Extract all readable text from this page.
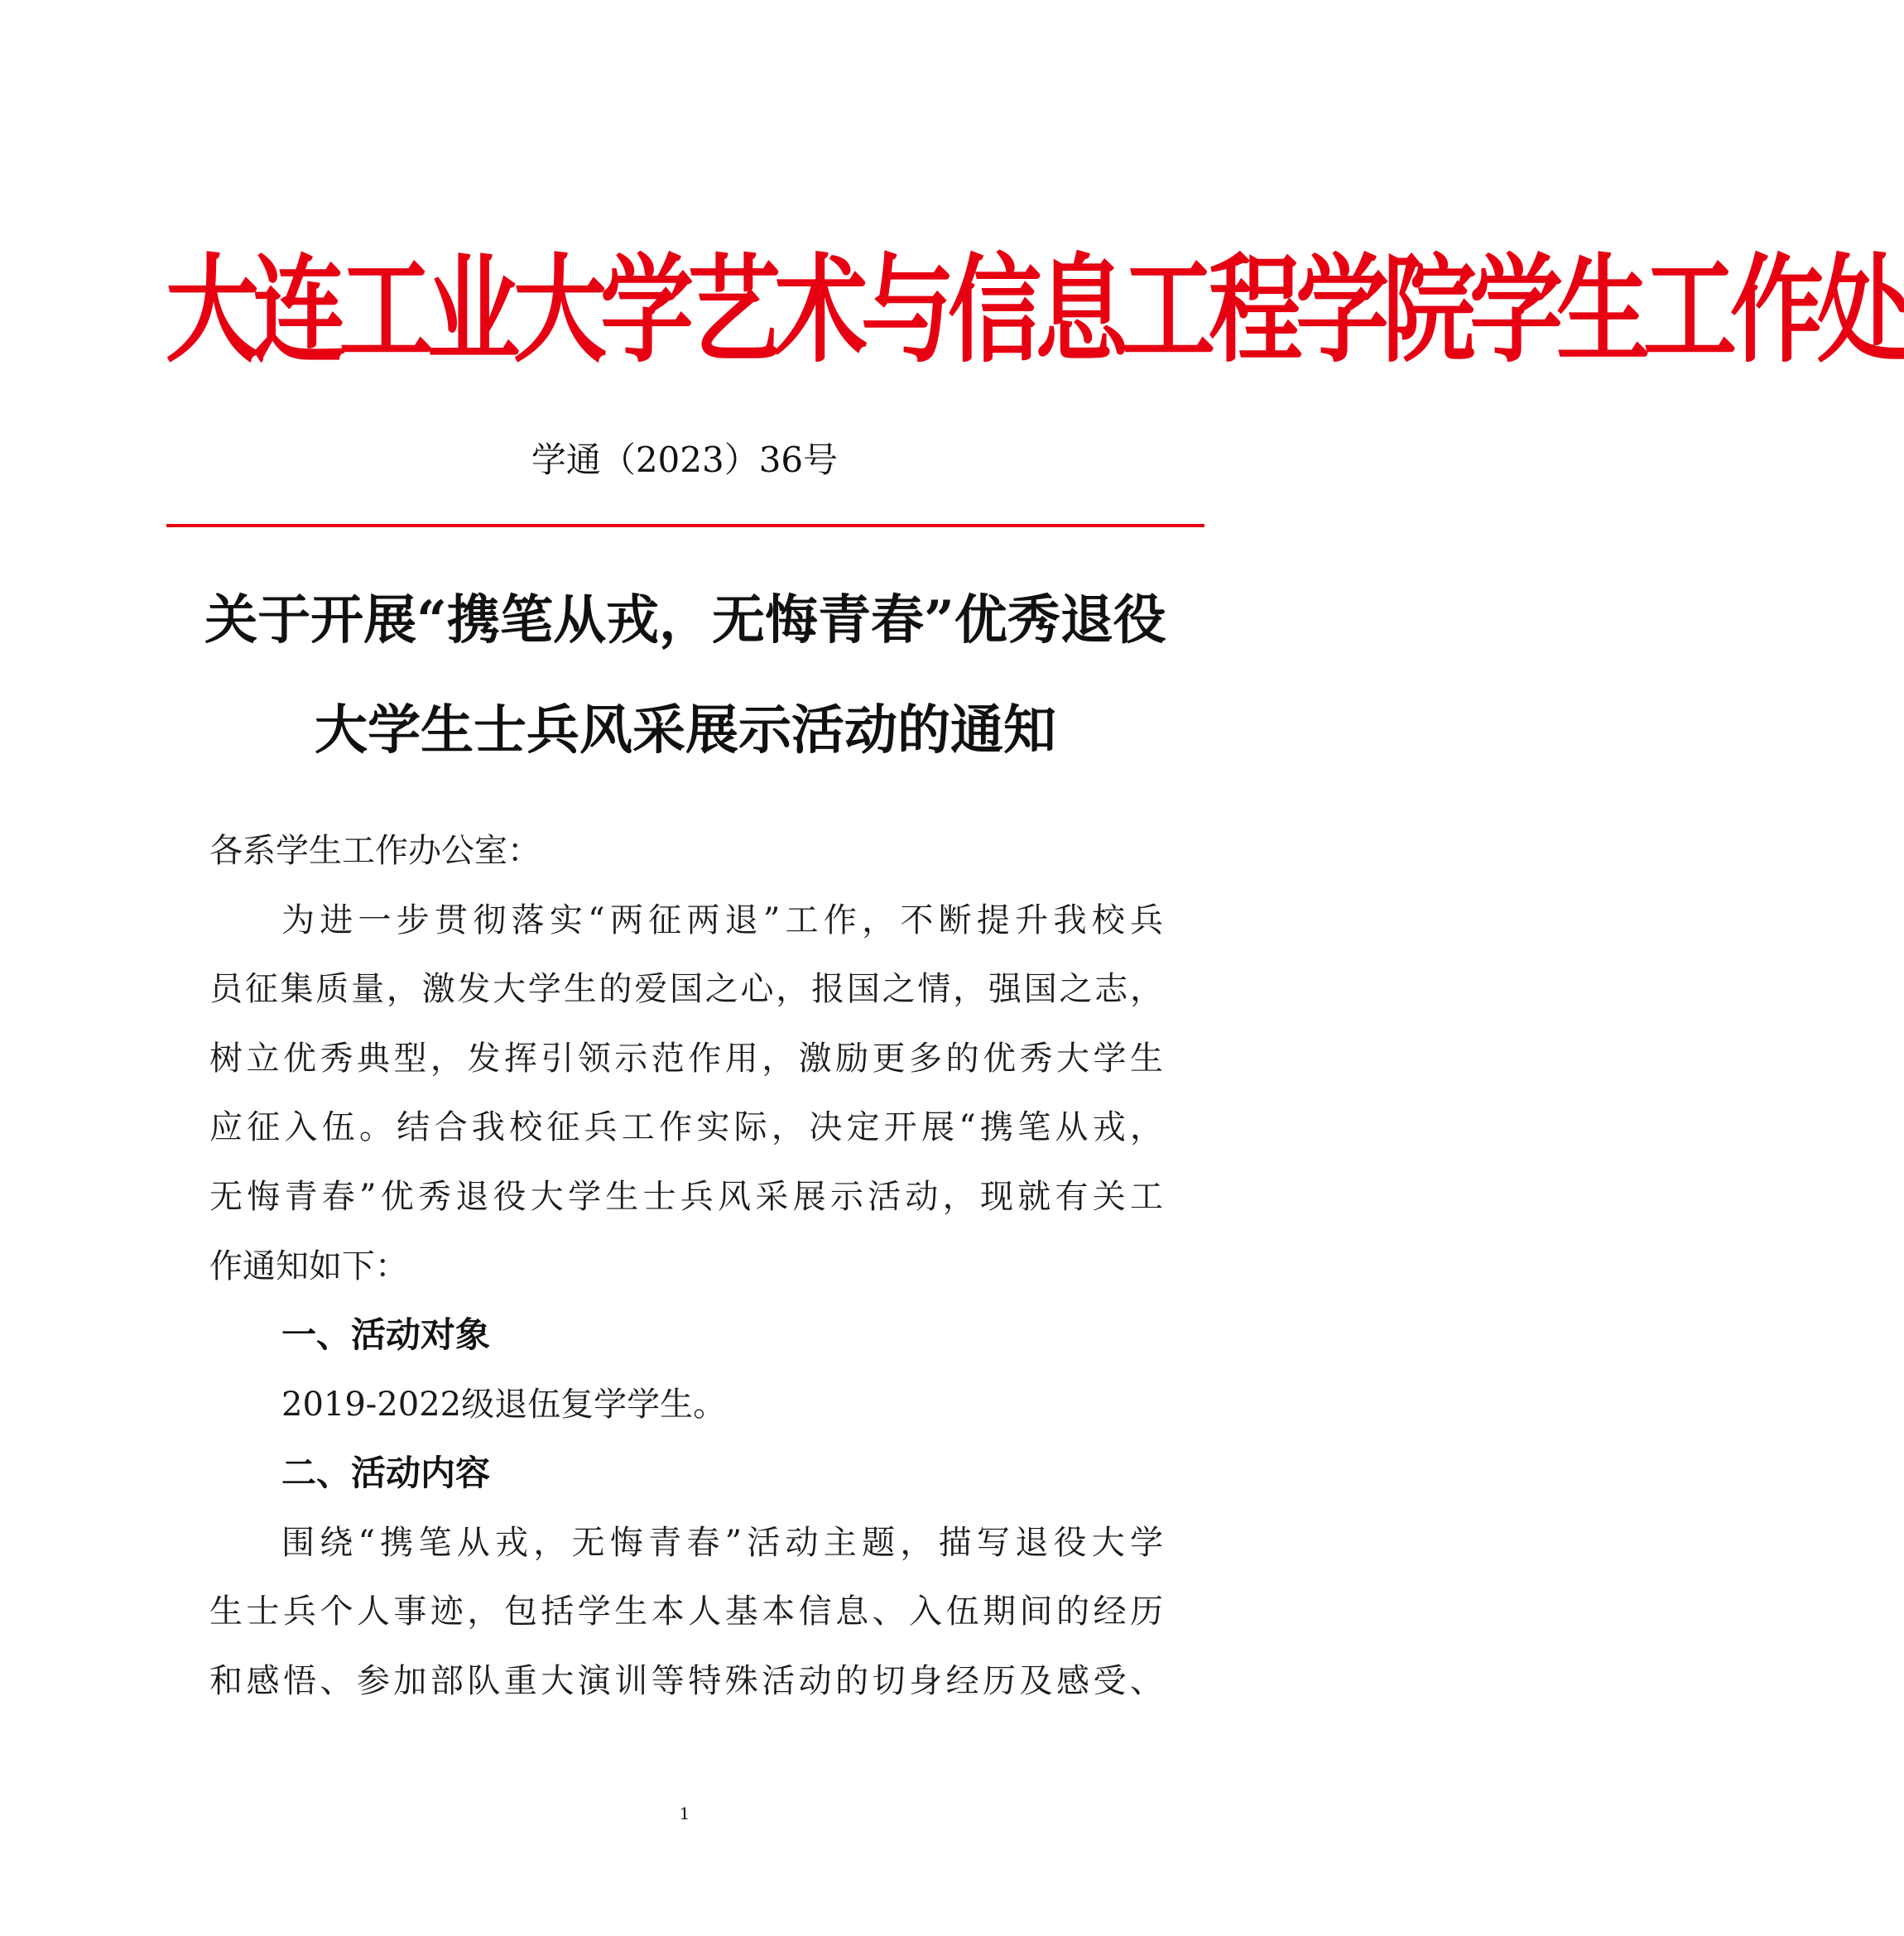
大连工业大学艺术与信息工程学院学生工作处
学通（2023）36号
关于开展“携笔从戎，无悔青春”优秀退役
大学生士兵风采展示活动的通知
各系学生工作办公室：
为进一步贯彻落实“两征两退”工作，不断提升我校兵
员征集质量，激发大学生的爱国之心，报国之情，强国之志，
树立优秀典型，发挥引领示范作用，激励更多的优秀大学生
应征入伍。结合我校征兵工作实际，决定开展“携笔从戎，
无悔青春”优秀退役大学生士兵风采展示活动，现就有关工
作通知如下：
一、活动对象
2019-2022级退伍复学学生。
二、活动内容
围绕“携笔从戎，无悔青春”活动主题，描写退役大学
生士兵个人事迹，包括学生本人基本信息、入伍期间的经历
和感悟、参加部队重大演训等特殊活动的切身经历及感受、
1
